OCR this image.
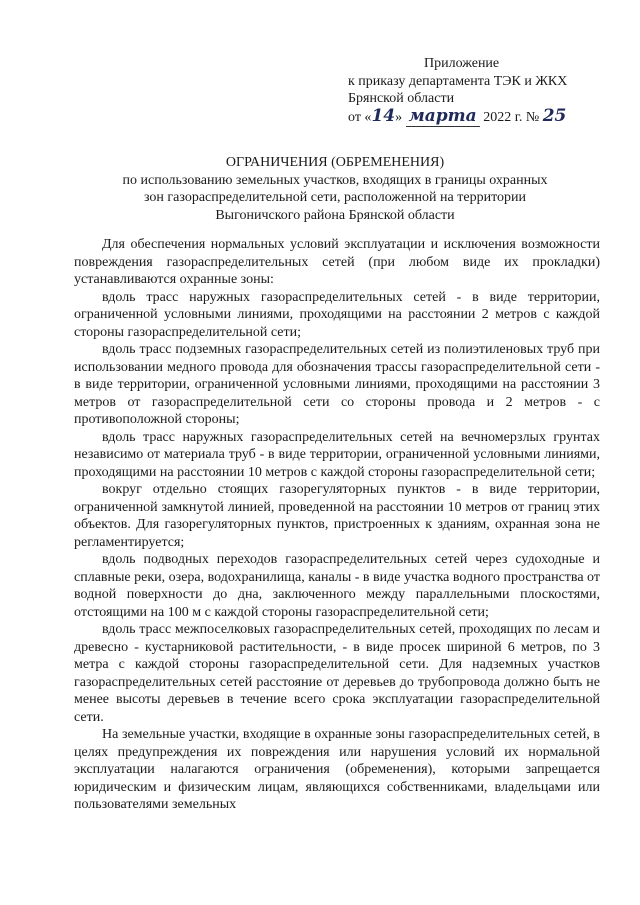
Приложение
к приказу департамента ТЭК и ЖКХ
Брянской области
от «14» марта 2022 г. № 25
ОГРАНИЧЕНИЯ (ОБРЕМЕНЕНИЯ)
по использованию земельных участков, входящих в границы охранных
зон газораспределительной сети, расположенной на территории
Выгоничского района Брянской области

Для обеспечения нормальных условий эксплуатации и исключения возможности повреждения газораспределительных сетей (при любом виде их прокладки) устанавливаются охранные зоны:

вдоль трасс наружных газораспределительных сетей - в виде территории, ограниченной условными линиями, проходящими на расстоянии 2 метров с каждой стороны газораспределительной сети;

вдоль трасс подземных газораспределительных сетей из полиэтиленовых труб при использовании медного провода для обозначения трассы газораспределительной сети - в виде территории, ограниченной условными линиями, проходящими на расстоянии 3 метров от газораспределительной сети со стороны провода и 2 метров - с противоположной стороны;

вдоль трасс наружных газораспределительных сетей на вечномерзлых грунтах независимо от материала труб - в виде территории, ограниченной условными линиями, проходящими на расстоянии 10 метров с каждой стороны газораспределительной сети;

вокруг отдельно стоящих газорегуляторных пунктов - в виде территории, ограниченной замкнутой линией, проведенной на расстоянии 10 метров от границ этих объектов. Для газорегуляторных пунктов, пристроенных к зданиям, охранная зона не регламентируется;

вдоль подводных переходов газораспределительных сетей через судоходные и сплавные реки, озера, водохранилища, каналы - в виде участка водного пространства от водной поверхности до дна, заключенного между параллельными плоскостями, отстоящими на 100 м с каждой стороны газораспределительной сети;

вдоль трасс межпоселковых газораспределительных сетей, проходящих по лесам и древесно - кустарниковой растительности, - в виде просек шириной 6 метров, по 3 метра с каждой стороны газораспределительной сети. Для надземных участков газораспределительных сетей расстояние от деревьев до трубопровода должно быть не менее высоты деревьев в течение всего срока эксплуатации газораспределительной сети.

На земельные участки, входящие в охранные зоны газораспределительных сетей, в целях предупреждения их повреждения или нарушения условий их нормальной эксплуатации налагаются ограничения (обременения), которыми запрещается юридическим и физическим лицам, являющихся собственниками, владельцами или пользователями земельных
